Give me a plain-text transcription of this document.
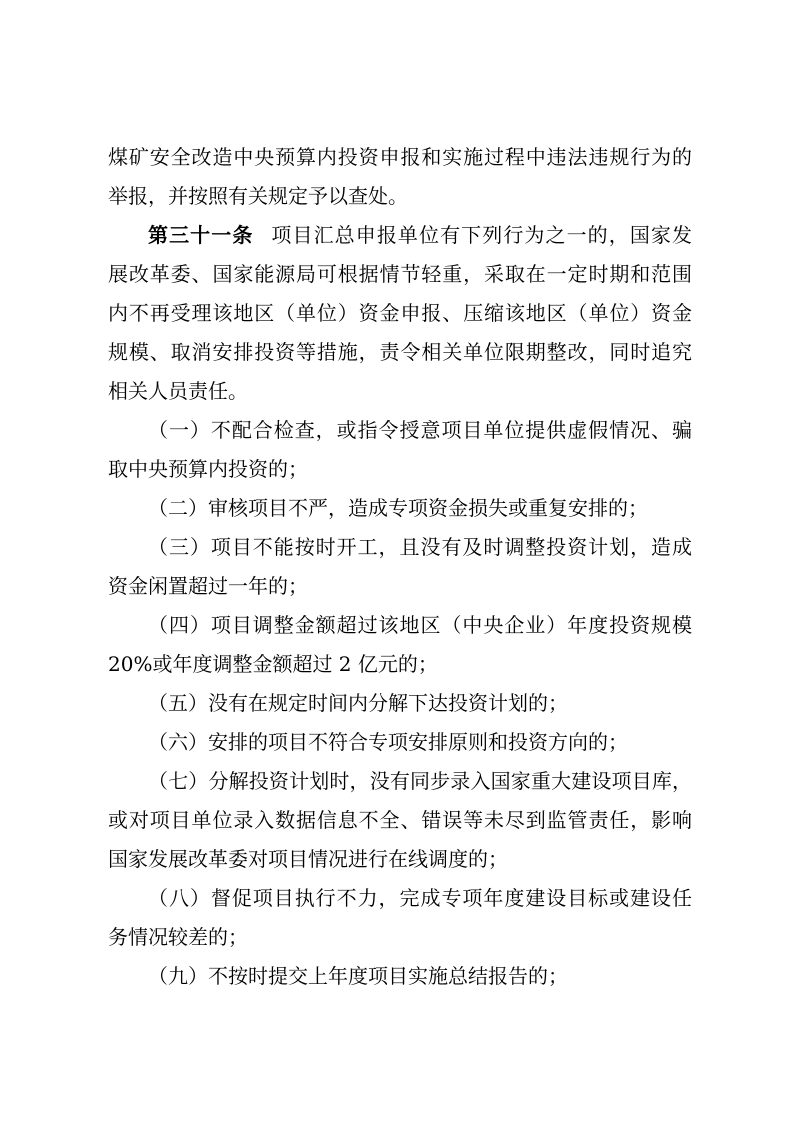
煤矿安全改造中央预算内投资申报和实施过程中违法违规行为的
举报，并按照有关规定予以查处。
第三十一条 项目汇总申报单位有下列行为之一的，国家发
展改革委、国家能源局可根据情节轻重，采取在一定时期和范围
内不再受理该地区（单位）资金申报、压缩该地区（单位）资金
规模、取消安排投资等措施，责令相关单位限期整改，同时追究
相关人员责任。
（一）不配合检查，或指令授意项目单位提供虚假情况、骗
取中央预算内投资的；
（二）审核项目不严，造成专项资金损失或重复安排的；
（三）项目不能按时开工，且没有及时调整投资计划，造成
资金闲置超过一年的；
（四）项目调整金额超过该地区（中央企业）年度投资规模
20%或年度调整金额超过 2 亿元的；
（五）没有在规定时间内分解下达投资计划的；
（六）安排的项目不符合专项安排原则和投资方向的；
（七）分解投资计划时，没有同步录入国家重大建设项目库，
或对项目单位录入数据信息不全、错误等未尽到监管责任，影响
国家发展改革委对项目情况进行在线调度的；
（八）督促项目执行不力，完成专项年度建设目标或建设任
务情况较差的；
（九）不按时提交上年度项目实施总结报告的；
